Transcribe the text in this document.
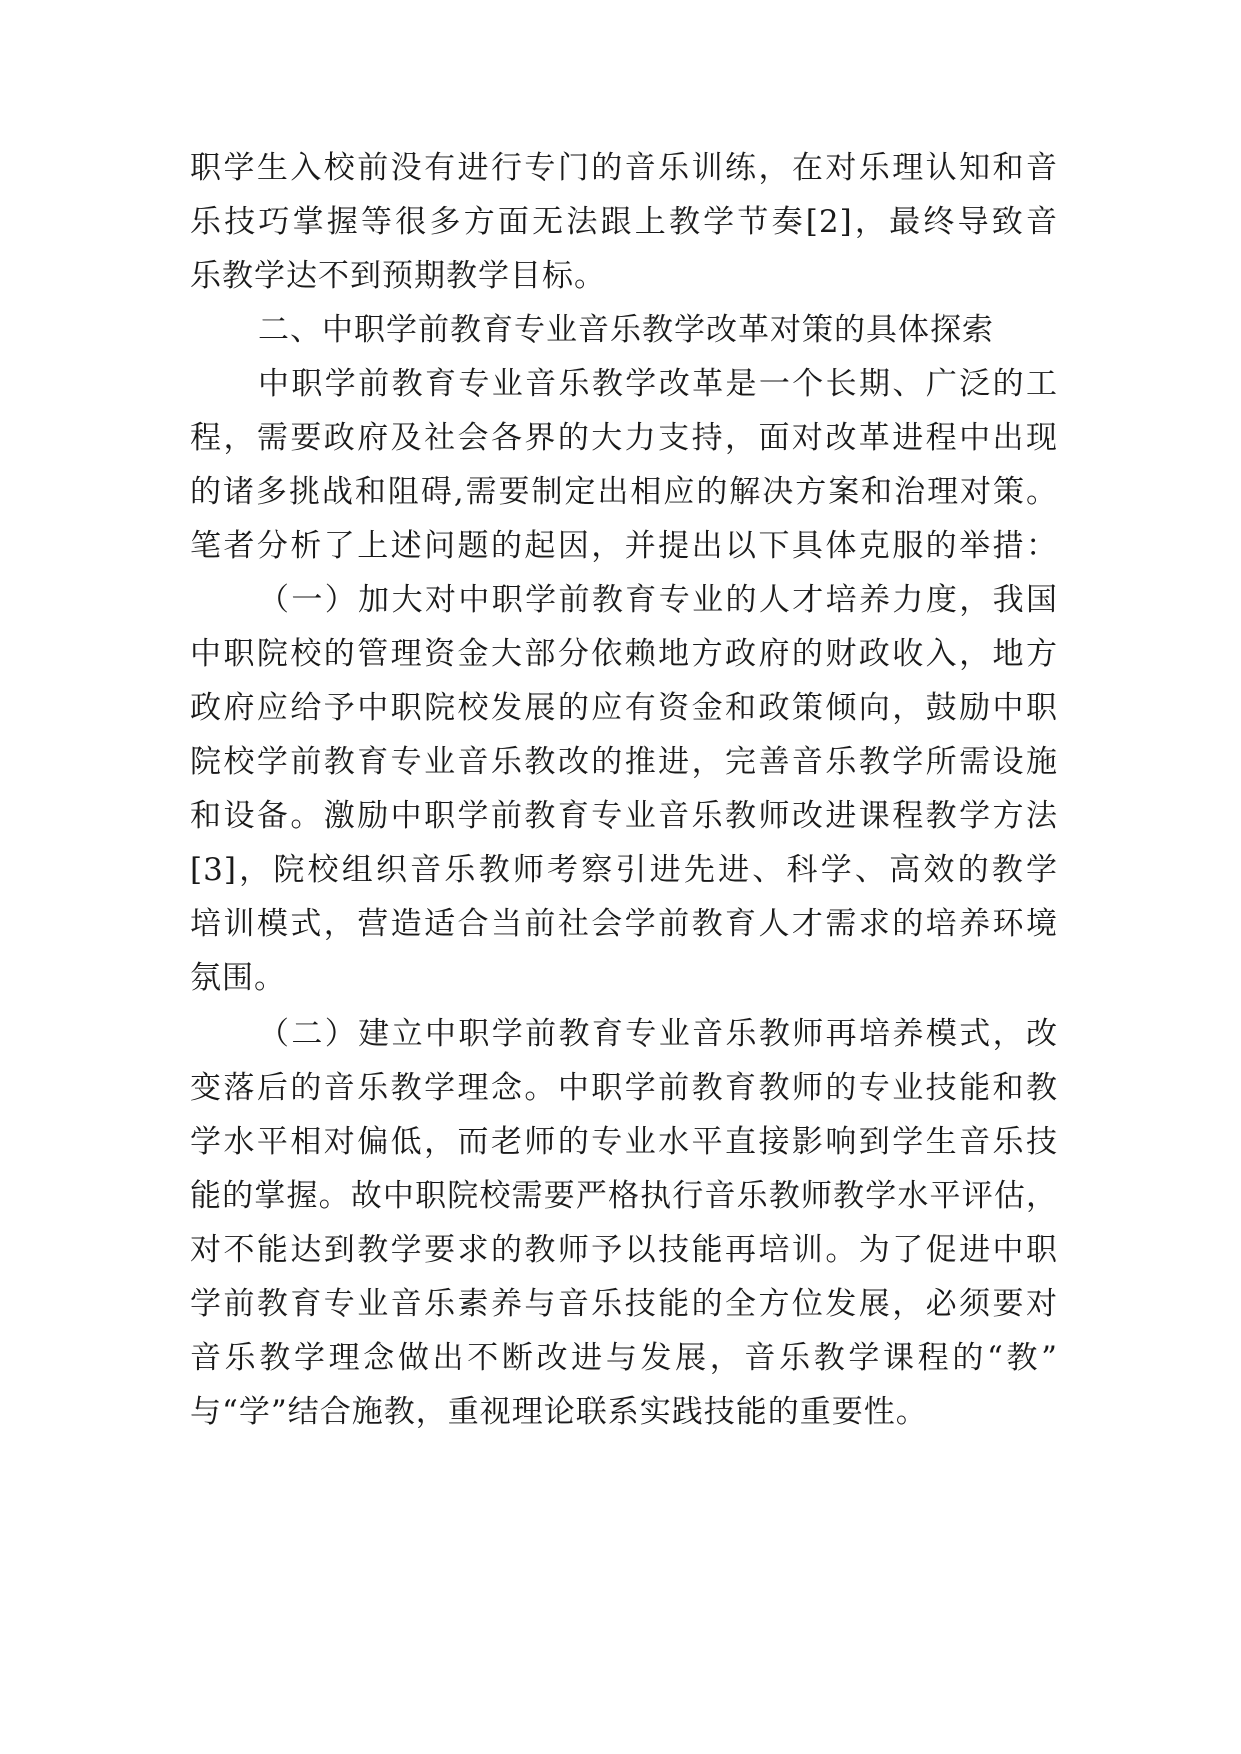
职学生入校前没有进行专门的音乐训练，在对乐理认知和音
乐技巧掌握等很多方面无法跟上教学节奏[2]，最终导致音
乐教学达不到预期教学目标。
二、中职学前教育专业音乐教学改革对策的具体探索
中职学前教育专业音乐教学改革是一个长期、广泛的工
程，需要政府及社会各界的大力支持，面对改革进程中出现
的诸多挑战和阻碍,需要制定出相应的解决方案和治理对策。
笔者分析了上述问题的起因，并提出以下具体克服的举措：
（一）加大对中职学前教育专业的人才培养力度，我国
中职院校的管理资金大部分依赖地方政府的财政收入，地方
政府应给予中职院校发展的应有资金和政策倾向，鼓励中职
院校学前教育专业音乐教改的推进，完善音乐教学所需设施
和设备。激励中职学前教育专业音乐教师改进课程教学方法
[3]，院校组织音乐教师考察引进先进、科学、高效的教学
培训模式，营造适合当前社会学前教育人才需求的培养环境
氛围。
（二）建立中职学前教育专业音乐教师再培养模式，改
变落后的音乐教学理念。中职学前教育教师的专业技能和教
学水平相对偏低，而老师的专业水平直接影响到学生音乐技
能的掌握。故中职院校需要严格执行音乐教师教学水平评估，
对不能达到教学要求的教师予以技能再培训。为了促进中职
学前教育专业音乐素养与音乐技能的全方位发展，必须要对
音乐教学理念做出不断改进与发展，音乐教学课程的“教”
与“学”结合施教，重视理论联系实践技能的重要性。
